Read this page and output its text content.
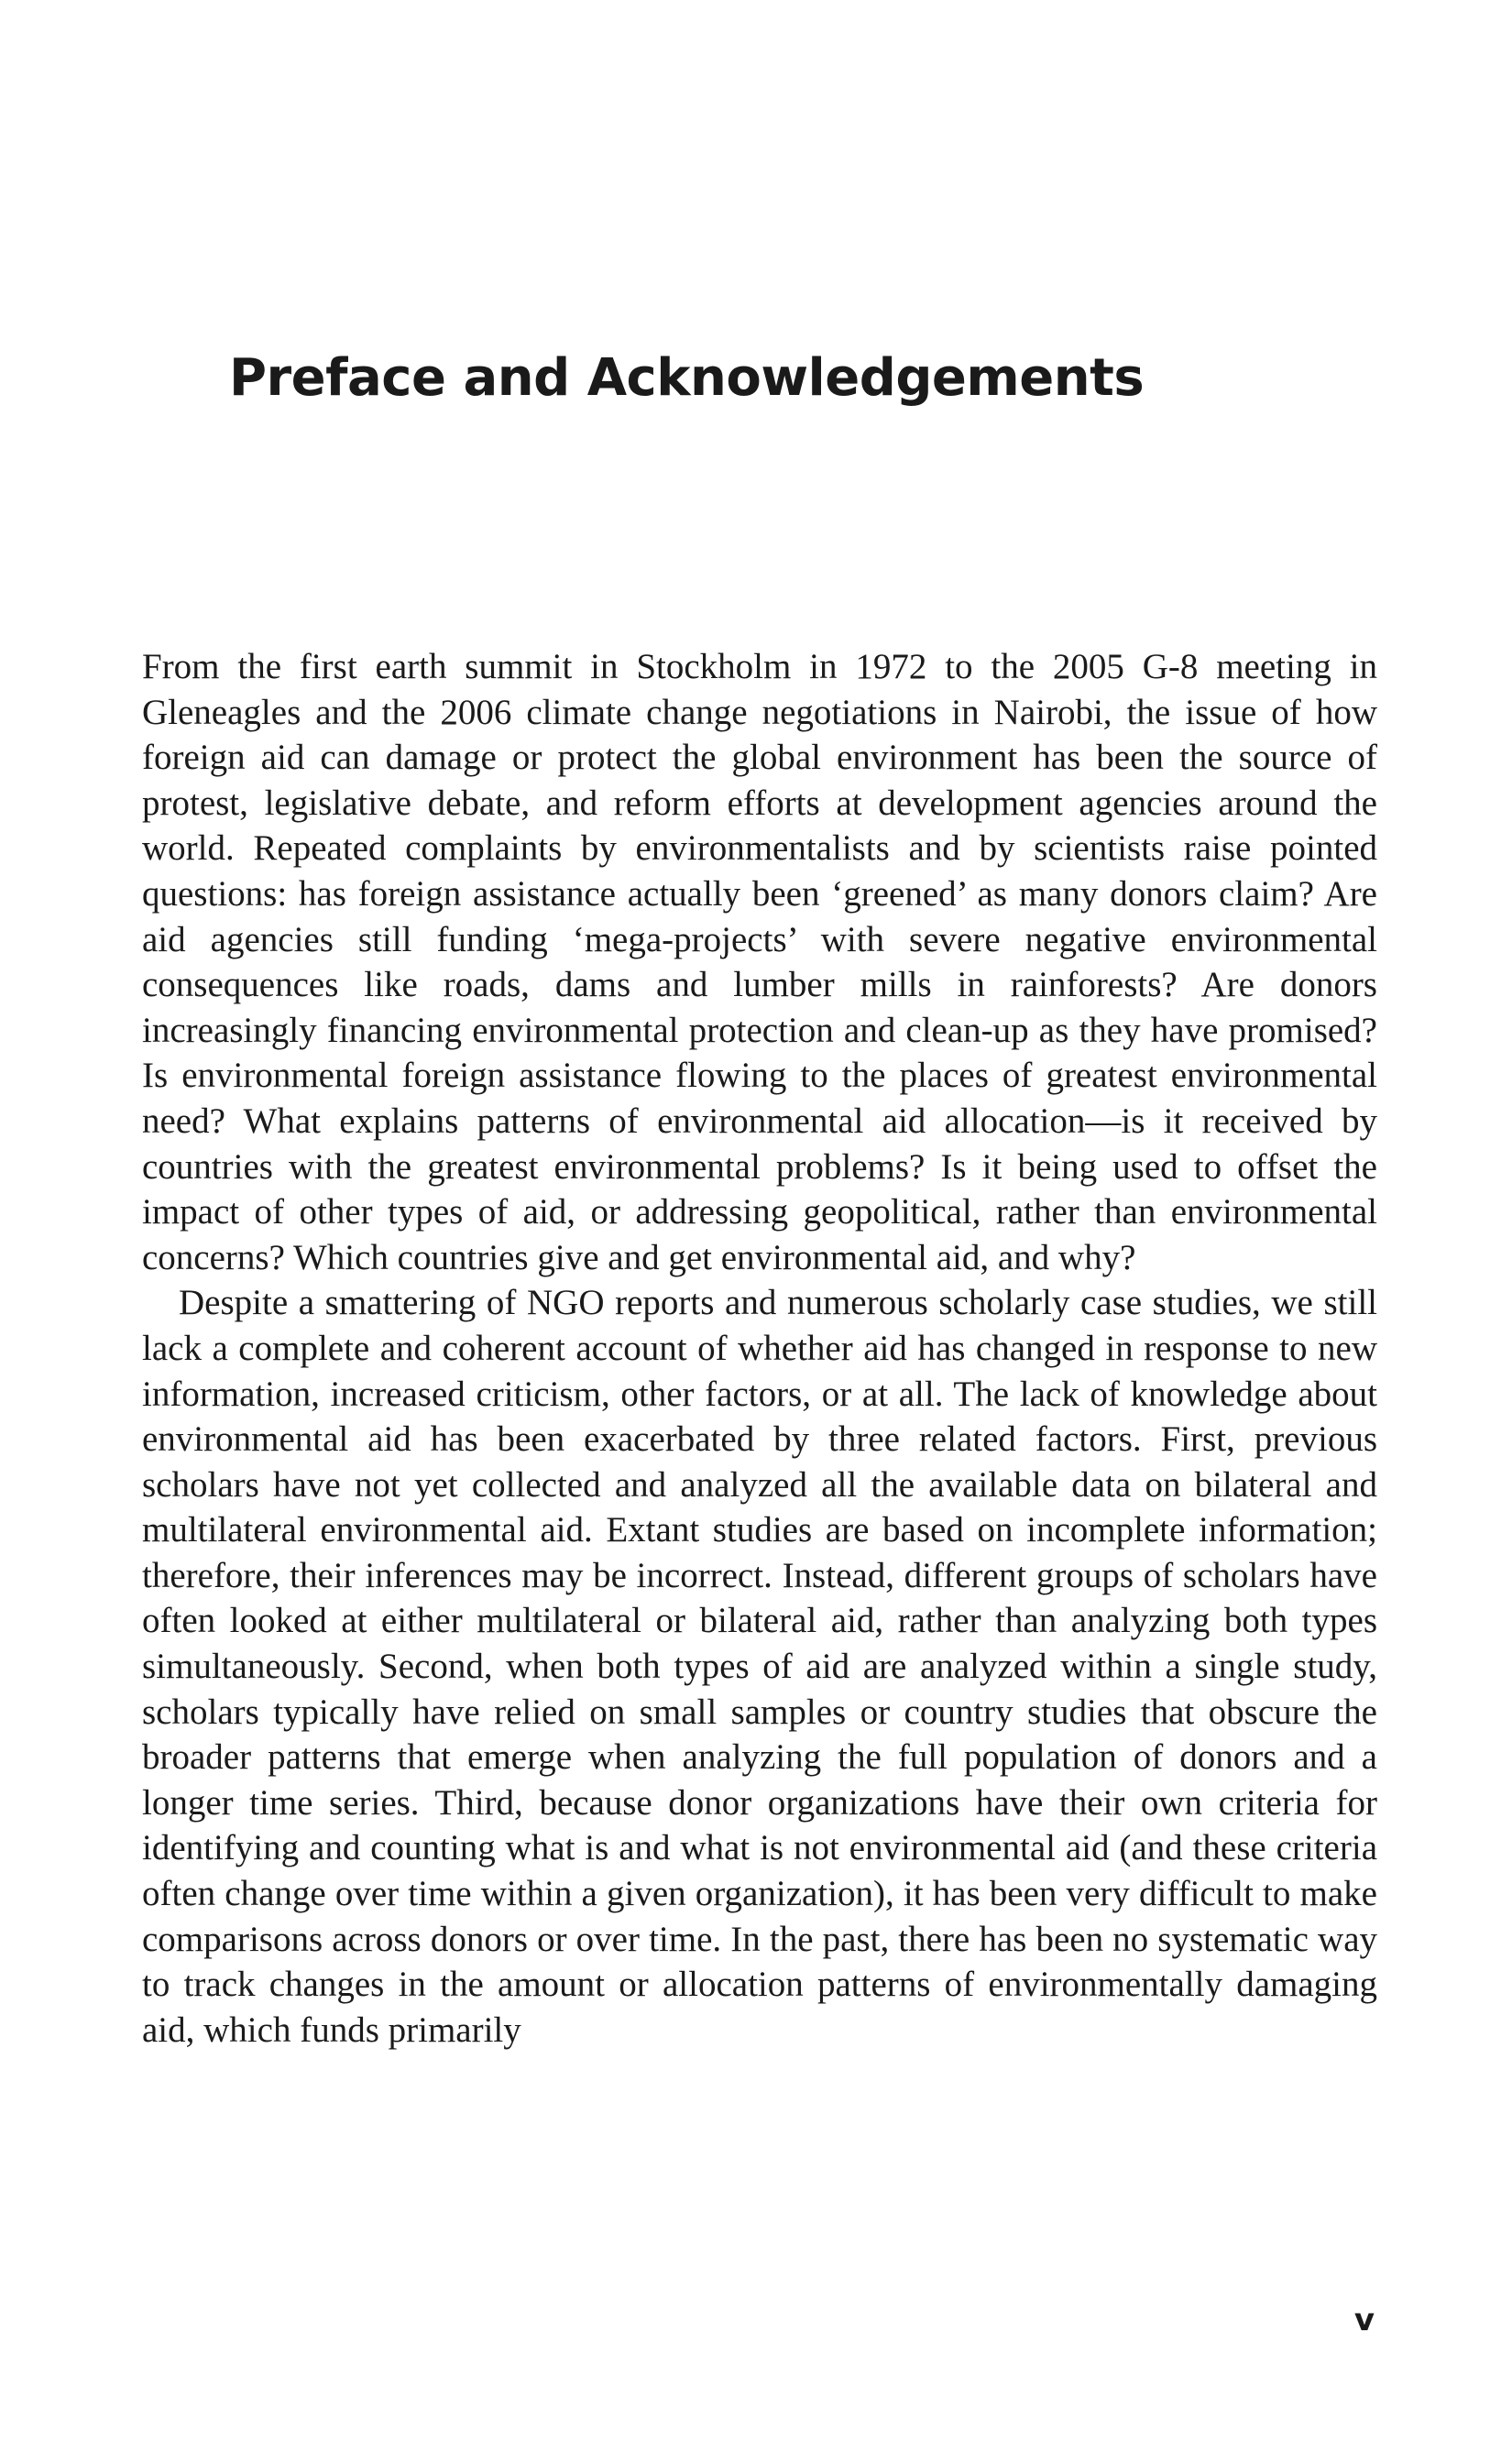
Preface and Acknowledgements

From the first earth summit in Stockholm in 1972 to the 2005 G-8 meeting in Gleneagles and the 2006 climate change negotiations in Nairobi, the issue of how foreign aid can damage or protect the global environment has been the source of protest, legislative debate, and reform efforts at development agencies around the world. Repeated complaints by environmentalists and by scientists raise pointed questions: has foreign assistance actually been ‘greened’ as many donors claim? Are aid agencies still funding ‘mega-projects’ with severe negative environmental consequences like roads, dams and lumber mills in rainforests? Are donors increasingly financing environmental protection and clean-up as they have promised? Is environmental foreign assistance flowing to the places of greatest environmental need? What explains patterns of environmental aid allocation—is it received by countries with the greatest environmental problems? Is it being used to offset the impact of other types of aid, or addressing geopolitical, rather than environmental concerns? Which countries give and get environmental aid, and why?

Despite a smattering of NGO reports and numerous scholarly case studies, we still lack a complete and coherent account of whether aid has changed in response to new information, increased criticism, other factors, or at all. The lack of knowledge about environmental aid has been exacerbated by three related factors. First, previous scholars have not yet collected and analyzed all the available data on bilateral and multilateral environmental aid. Extant studies are based on incomplete information; therefore, their inferences may be incorrect. Instead, different groups of scholars have often looked at either multilateral or bilateral aid, rather than analyzing both types simultaneously. Second, when both types of aid are analyzed within a single study, scholars typically have relied on small samples or country studies that obscure the broader patterns that emerge when analyzing the full population of donors and a longer time series. Third, because donor organizations have their own criteria for identifying and counting what is and what is not environmental aid (and these criteria often change over time within a given organization), it has been very difficult to make comparisons across donors or over time. In the past, there has been no systematic way to track changes in the amount or allocation patterns of environmentally damaging aid, which funds primarily

v
